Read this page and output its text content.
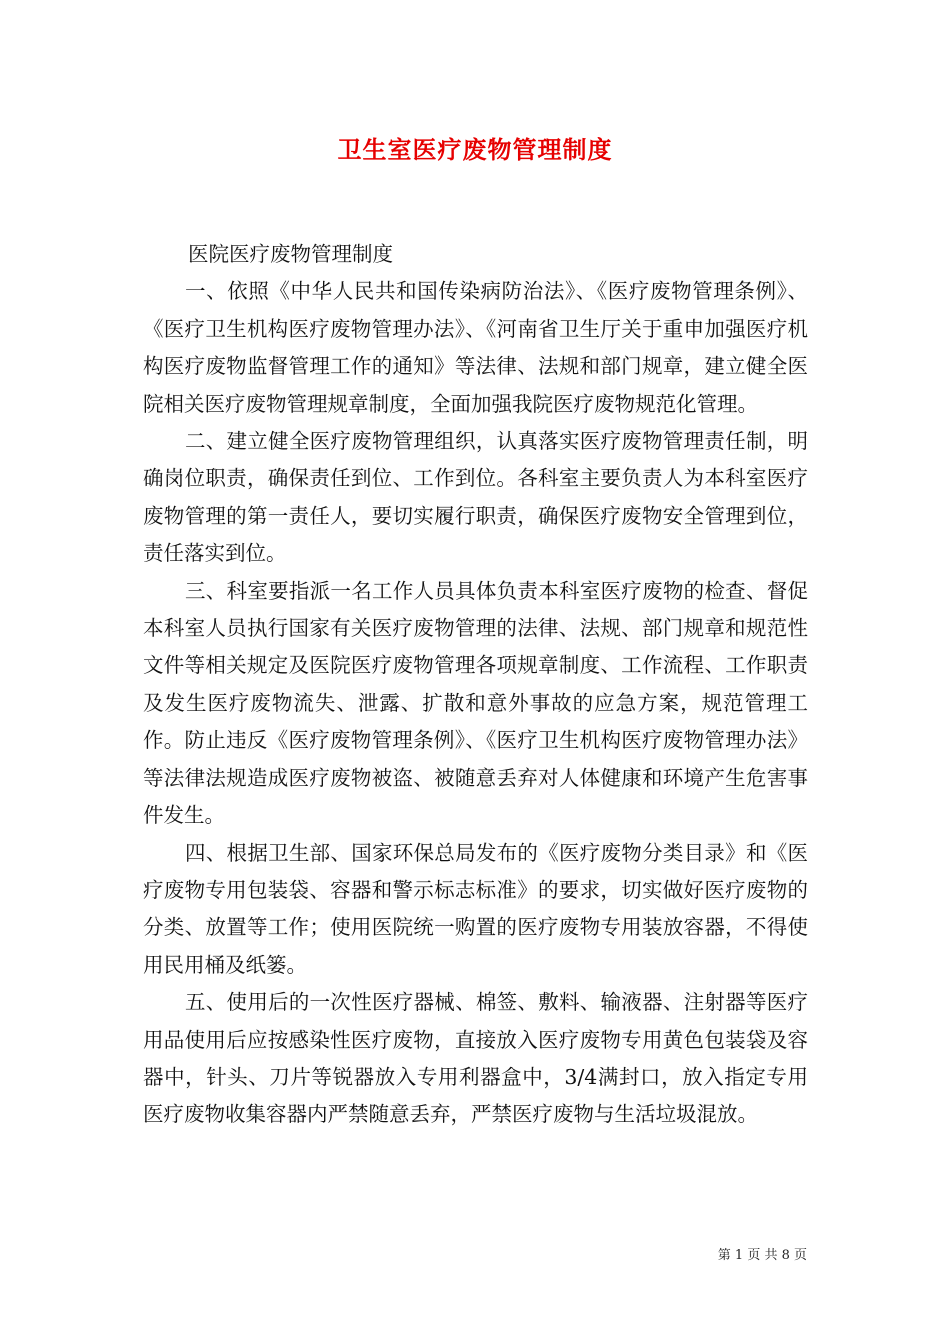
卫生室医疗废物管理制度

医院医疗废物管理制度

一、依照《中华人民共和国传染病防治法》、《医疗废物管理条例》、《医疗卫生机构医疗废物管理办法》、《河南省卫生厅关于重申加强医疗机构医疗废物监督管理工作的通知》等法律、法规和部门规章，建立健全医院相关医疗废物管理规章制度，全面加强我院医疗废物规范化管理。

二、建立健全医疗废物管理组织，认真落实医疗废物管理责任制，明确岗位职责，确保责任到位、工作到位。各科室主要负责人为本科室医疗废物管理的第一责任人，要切实履行职责，确保医疗废物安全管理到位，责任落实到位。

三、科室要指派一名工作人员具体负责本科室医疗废物的检查、督促本科室人员执行国家有关医疗废物管理的法律、法规、部门规章和规范性文件等相关规定及医院医疗废物管理各项规章制度、工作流程、工作职责及发生医疗废物流失、泄露、扩散和意外事故的应急方案，规范管理工作。防止违反《医疗废物管理条例》、《医疗卫生机构医疗废物管理办法》等法律法规造成医疗废物被盗、被随意丢弃对人体健康和环境产生危害事件发生。

四、根据卫生部、国家环保总局发布的《医疗废物分类目录》和《医疗废物专用包装袋、容器和警示标志标准》的要求，切实做好医疗废物的分类、放置等工作；使用医院统一购置的医疗废物专用装放容器，不得使用民用桶及纸篓。

五、使用后的一次性医疗器械、棉签、敷料、输液器、注射器等医疗用品使用后应按感染性医疗废物，直接放入医疗废物专用黄色包装袋及容器中，针头、刀片等锐器放入专用利器盒中，3/4满封口，放入指定专用医疗废物收集容器内严禁随意丢弃，严禁医疗废物与生活垃圾混放。

第 1 页 共 8 页
